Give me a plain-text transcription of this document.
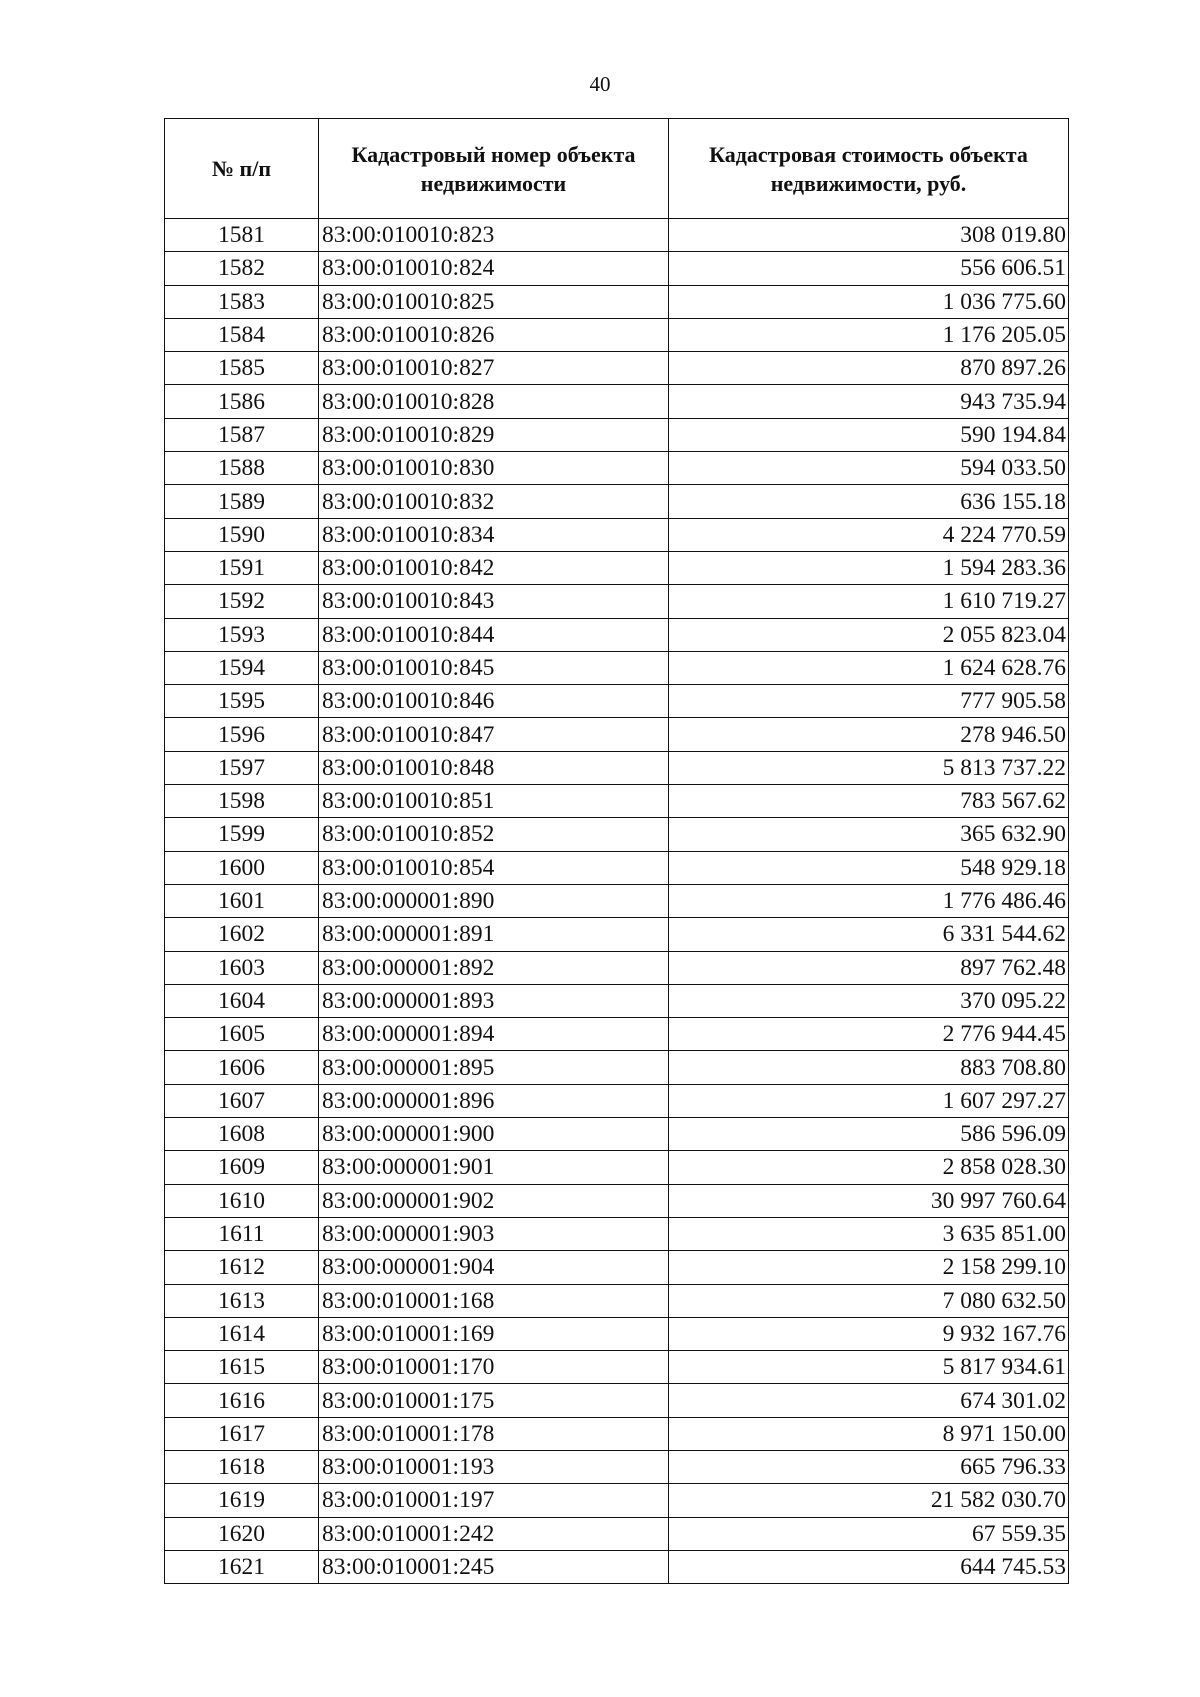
40
№ п/п	Кадастровый номер объекта недвижимости	Кадастровая стоимость объекта недвижимости, руб.
1581	83:00:010010:823	308 019.80
1582	83:00:010010:824	556 606.51
1583	83:00:010010:825	1 036 775.60
1584	83:00:010010:826	1 176 205.05
1585	83:00:010010:827	870 897.26
1586	83:00:010010:828	943 735.94
1587	83:00:010010:829	590 194.84
1588	83:00:010010:830	594 033.50
1589	83:00:010010:832	636 155.18
1590	83:00:010010:834	4 224 770.59
1591	83:00:010010:842	1 594 283.36
1592	83:00:010010:843	1 610 719.27
1593	83:00:010010:844	2 055 823.04
1594	83:00:010010:845	1 624 628.76
1595	83:00:010010:846	777 905.58
1596	83:00:010010:847	278 946.50
1597	83:00:010010:848	5 813 737.22
1598	83:00:010010:851	783 567.62
1599	83:00:010010:852	365 632.90
1600	83:00:010010:854	548 929.18
1601	83:00:000001:890	1 776 486.46
1602	83:00:000001:891	6 331 544.62
1603	83:00:000001:892	897 762.48
1604	83:00:000001:893	370 095.22
1605	83:00:000001:894	2 776 944.45
1606	83:00:000001:895	883 708.80
1607	83:00:000001:896	1 607 297.27
1608	83:00:000001:900	586 596.09
1609	83:00:000001:901	2 858 028.30
1610	83:00:000001:902	30 997 760.64
1611	83:00:000001:903	3 635 851.00
1612	83:00:000001:904	2 158 299.10
1613	83:00:010001:168	7 080 632.50
1614	83:00:010001:169	9 932 167.76
1615	83:00:010001:170	5 817 934.61
1616	83:00:010001:175	674 301.02
1617	83:00:010001:178	8 971 150.00
1618	83:00:010001:193	665 796.33
1619	83:00:010001:197	21 582 030.70
1620	83:00:010001:242	67 559.35
1621	83:00:010001:245	644 745.53
